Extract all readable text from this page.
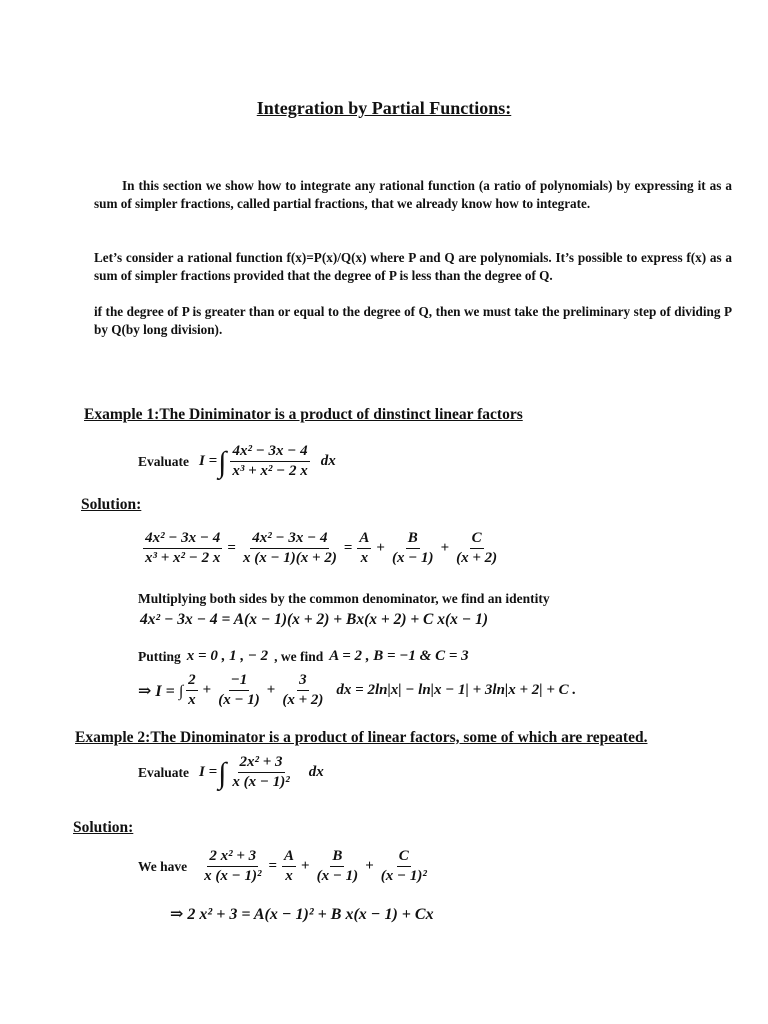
Integration by Partial Functions:

In this section we show how to integrate any rational function (a ratio of polynomials) by expressing it as a sum of simpler fractions, called partial fractions, that we already know how to integrate.

Let’s consider a rational function f(x)=P(x)/Q(x) where P and Q are polynomials. It’s possible to express f(x) as a sum of simpler fractions provided that the degree of P is less than the degree of Q.

if the degree of P is greater than or equal to the degree of Q, then we must take the preliminary step of dividing P by Q(by long division).

Example 1:The Diniminator is a product of dinstinct linear factors
Evaluate I = ∫ $\frac{\text{4x² − 3x − 4}}{\text{x³ + x² − 2 x}}$ dx
Solution:
$\frac{\text{4x² − 3x − 4}}{\text{x³ + x² − 2 x}} = \frac{\text{4x² − 3x − 4}}{x (x - 1)(x + 2)} = \frac{A}{x} + \frac{B}{(x - 1)} + \frac{C}{(x + 2)}$
Multiplying both sides by the common denominator, we find an identity
4x² − 3x − 4 = A(x − 1)(x + 2) + Bx(x + 2) + C x(x − 1)
Putting x = 0 , 1 , − 2 , we find A = 2 , B = −1 & C = 3
⇒ I = ∫ $\frac{2}{x} + \frac{-1}{(x - 1)} + \frac{3}{(x + 2)}$ dx = 2ln|x| − ln|x − 1| + 3ln|x + 2| + C .
Example 2:The Dinominator is a product of linear factors, some of which are repeated.
Evaluate I = ∫ $\frac{\text{2x² + 3}}{\text{x (x − 1)²}}$ dx
Solution:
We have $\frac{\text{2 x² + 3}}{\text{x (x − 1)²}} = \frac{A}{x} + \frac{B}{(x - 1)} + \frac{C}{\text{(x − 1)²}}$
⇒ 2 x² + 3 = A(x − 1)² + B x(x − 1) + Cx
